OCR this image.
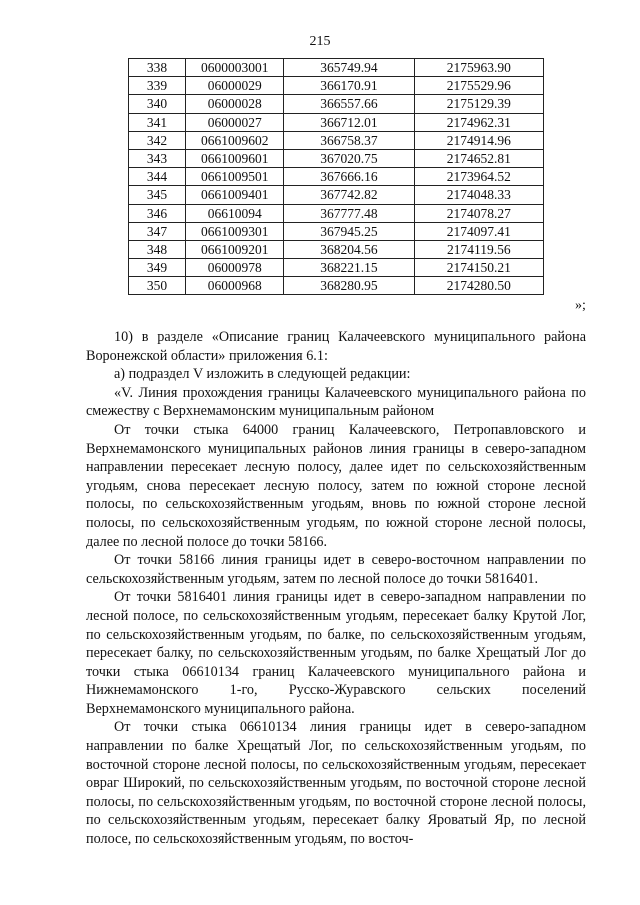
215
338	0600003001	365749.94	2175963.90
339	06000029	366170.91	2175529.96
340	06000028	366557.66	2175129.39
341	06000027	366712.01	2174962.31
342	0661009602	366758.37	2174914.96
343	0661009601	367020.75	2174652.81
344	0661009501	367666.16	2173964.52
345	0661009401	367742.82	2174048.33
346	06610094	367777.48	2174078.27
347	0661009301	367945.25	2174097.41
348	0661009201	368204.56	2174119.56
349	06000978	368221.15	2174150.21
350	06000968	368280.95	2174280.50
»;

10) в разделе «Описание границ Калачеевского муниципального района Воронежской области» приложения 6.1:

а) подраздел V изложить в следующей редакции:

«V. Линия прохождения границы Калачеевского муниципального района по смежеству с Верхнемамонским муниципальным районом

От точки стыка 64000 границ Калачеевского, Петропавловского и Верхнемамонского муниципальных районов линия границы в северо-западном направлении пересекает лесную полосу, далее идет по сельскохозяйственным угодьям, снова пересекает лесную полосу, затем по южной стороне лесной полосы, по сельскохозяйственным угодьям, вновь по южной стороне лесной полосы, по сельскохозяйственным угодьям, по южной стороне лесной полосы, далее по лесной полосе до точки 58166.

От точки 58166 линия границы идет в северо-восточном направлении по сельскохозяйственным угодьям, затем по лесной полосе до точки 5816401.

От точки 5816401 линия границы идет в северо-западном направлении по лесной полосе, по сельскохозяйственным угодьям, пересекает балку Крутой Лог, по сельскохозяйственным угодьям, по балке, по сельскохозяйственным угодьям, пересекает балку, по сельскохозяйственным угодьям, по балке Хрещатый Лог до точки стыка 06610134 границ Калачеевского муниципального района и Нижнемамонского 1-го, Русско-Журавского сельских поселений Верхнемамонского муниципального района.

От точки стыка 06610134 линия границы идет в северо-западном направлении по балке Хрещатый Лог, по сельскохозяйственным угодьям, по восточной стороне лесной полосы, по сельскохозяйственным угодьям, пересекает овраг Широкий, по сельскохозяйственным угодьям, по восточной стороне лесной полосы, по сельскохозяйственным угодьям, по восточной стороне лесной полосы, по сельскохозяйственным угодьям, пересекает балку Яроватый Яр, по лесной полосе, по сельскохозяйственным угодьям, по восточ-
